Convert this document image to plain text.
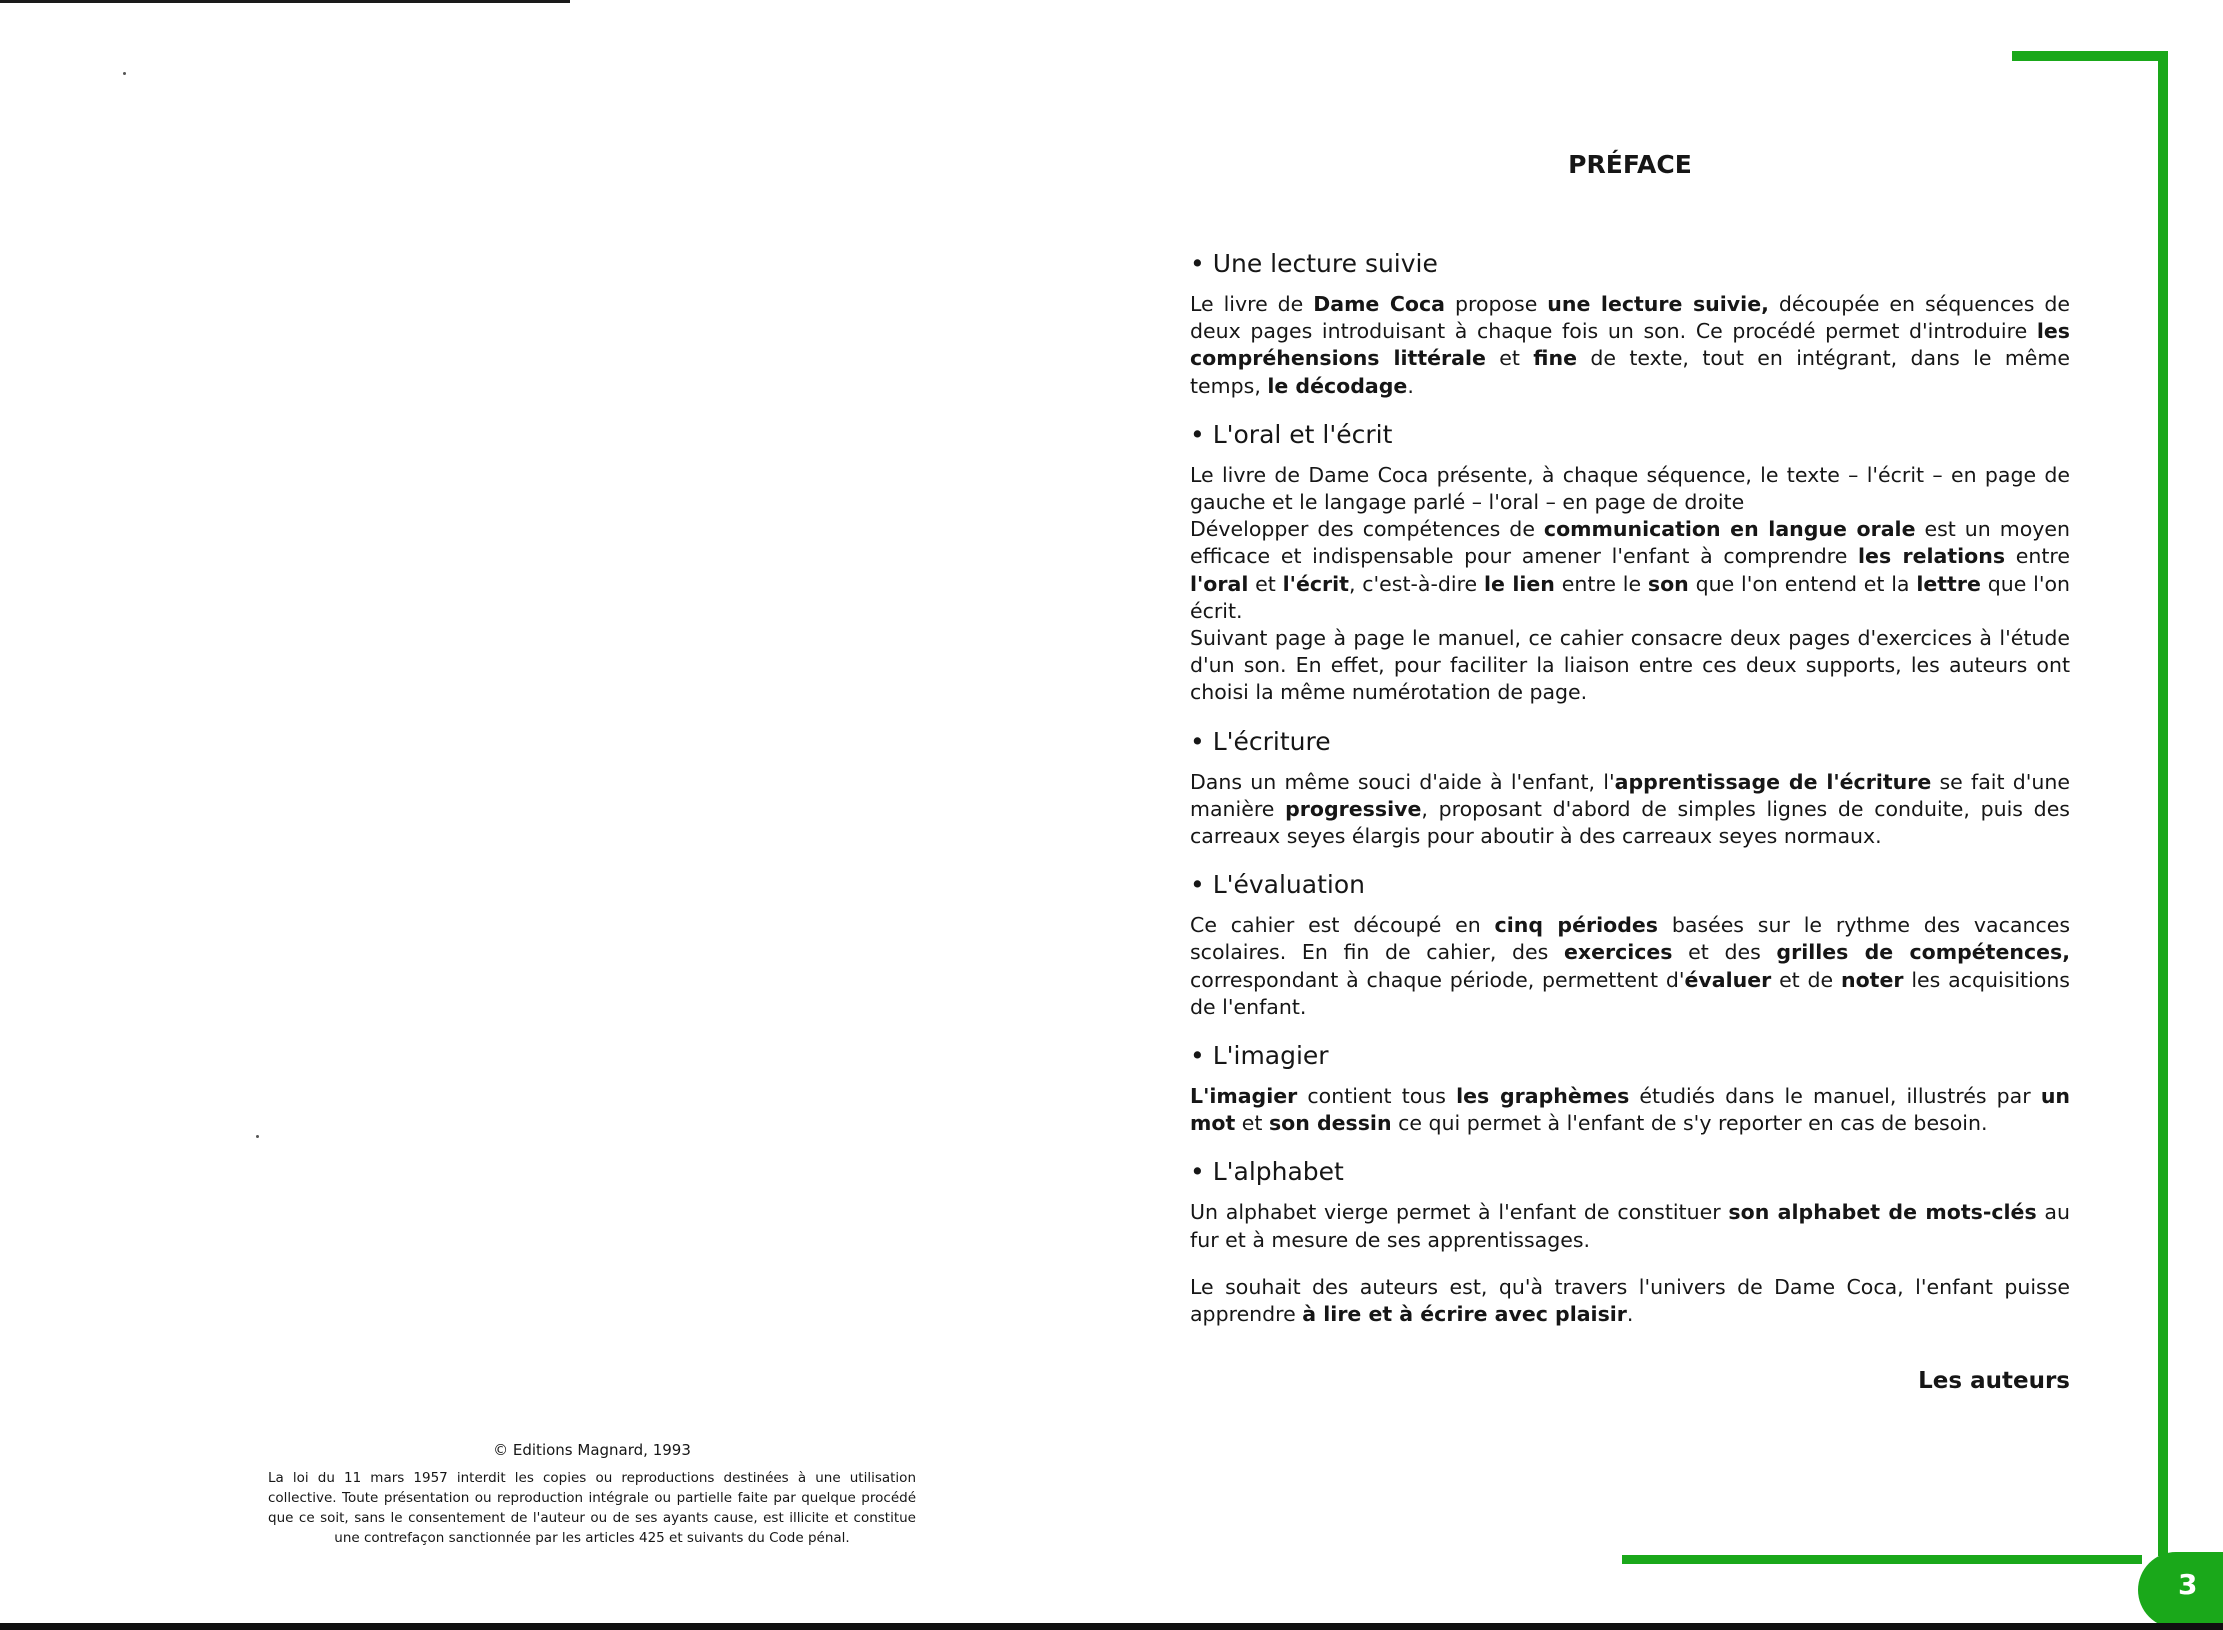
© Editions Magnard, 1993
La loi du 11 mars 1957 interdit les copies ou reproductions destinées à une utilisation collective. Toute présentation ou reproduction intégrale ou partielle faite par quelque procédé que ce soit, sans le consentement de l'auteur ou de ses ayants cause, est illicite et constitue une contrefaçon sanctionnée par les articles 425 et suivants du Code pénal.
3
PRÉFACE
• Une lecture suivie

Le livre de Dame Coca propose une lecture suivie, découpée en séquences de deux pages introduisant à chaque fois un son. Ce procédé permet d'introduire les compréhensions littérale et fine de texte, tout en intégrant, dans le même temps, le décodage.

• L'oral et l'écrit

Le livre de Dame Coca présente, à chaque séquence, le texte – l'écrit – en page de gauche et le langage parlé – l'oral – en page de droite

Développer des compétences de communication en langue orale est un moyen efficace et indispensable pour amener l'enfant à comprendre les relations entre l'oral et l'écrit, c'est-à-dire le lien entre le son que l'on entend et la lettre que l'on écrit.

Suivant page à page le manuel, ce cahier consacre deux pages d'exercices à l'étude d'un son. En effet, pour faciliter la liaison entre ces deux supports, les auteurs ont choisi la même numérotation de page.

• L'écriture

Dans un même souci d'aide à l'enfant, l'apprentissage de l'écriture se fait d'une manière progressive, proposant d'abord de simples lignes de conduite, puis des carreaux seyes élargis pour aboutir à des carreaux seyes normaux.

• L'évaluation

Ce cahier est découpé en cinq périodes basées sur le rythme des vacances scolaires. En fin de cahier, des exercices et des grilles de compétences, correspondant à chaque période, permettent d'évaluer et de noter les acquisitions de l'enfant.

• L'imagier

L'imagier contient tous les graphèmes étudiés dans le manuel, illustrés par un mot et son dessin ce qui permet à l'enfant de s'y reporter en cas de besoin.

• L'alphabet

Un alphabet vierge permet à l'enfant de constituer son alphabet de mots-clés au fur et à mesure de ses apprentissages.

Le souhait des auteurs est, qu'à travers l'univers de Dame Coca, l'enfant puisse apprendre à lire et à écrire avec plaisir.

Les auteurs
